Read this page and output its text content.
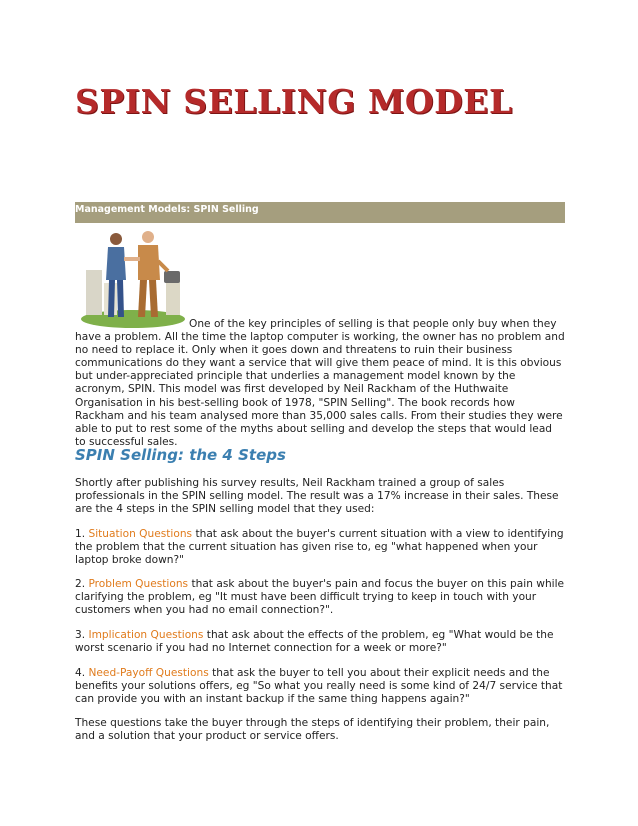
SPIN SELLING MODEL
Management Models: SPIN Selling

One of the key principles of selling is that people only buy when they have a problem. All the time the laptop computer is working, the owner has no problem and no need to replace it. Only when it goes down and threatens to ruin their business communications do they want a service that will give them peace of mind. It is this obvious but under-appreciated principle that underlies a management model known by the acronym, SPIN. This model was first developed by Neil Rackham of the Huthwaite Organisation in his best-selling book of 1978, "SPIN Selling". The book records how Rackham and his team analysed more than 35,000 sales calls. From their studies they were able to put to rest some of the myths about selling and develop the steps that would lead to successful sales.

SPIN Selling: the 4 Steps

Shortly after publishing his survey results, Neil Rackham trained a group of sales professionals in the SPIN selling model. The result was a 17% increase in their sales. These are the 4 steps in the SPIN selling model that they used:

1. Situation Questions that ask about the buyer's current situation with a view to identifying the problem that the current situation has given rise to, eg "what happened when your laptop broke down?"

2. Problem Questions that ask about the buyer's pain and focus the buyer on this pain while clarifying the problem, eg "It must have been difficult trying to keep in touch with your customers when you had no email connection?".

3. Implication Questions that ask about the effects of the problem, eg "What would be the worst scenario if you had no Internet connection for a week or more?"

4. Need-Payoff Questions that ask the buyer to tell you about their explicit needs and the benefits your solutions offers, eg "So what you really need is some kind of 24/7 service that can provide you with an instant backup if the same thing happens again?"

These questions take the buyer through the steps of identifying their problem, their pain, and a solution that your product or service offers.
